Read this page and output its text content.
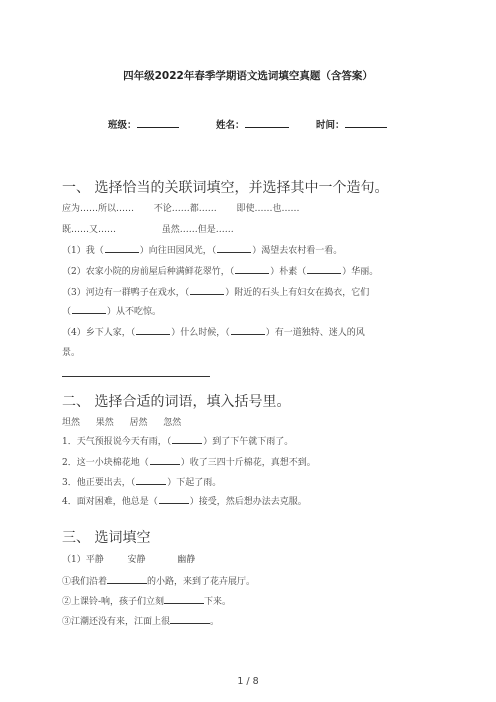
四年级2022年春季学期语文选词填空真题（含答案）
班级：	姓名：	时间：
一、 选择恰当的关联词填空，并选择其中一个造句。
应为……所以…… 不论……都…… 即使……也……
既……又……	虽然……但是……
（1）我（	）向往田园风光，（	）渴望去农村看一看。
（2）农家小院的房前屋后种满鲜花翠竹，（	）朴素（	）华丽。
（3）河边有一群鸭子在戏水，（	）附近的石头上有妇女在捣衣，它们
（	）从不吃惊。
（4）乡下人家，（	）什么时候，（	）有一道独特、迷人的风
景。
二、 选择合适的词语，填入括号里。
坦然 果然 居然 忽然
1．天气预报说今天有雨，（	）到了下午就下雨了。
2．这一小块棉花地（	）收了三四十斤棉花，真想不到。
3．他正要出去，（	）下起了雨。
4．面对困难，他总是（	）接受，然后想办法去克服。
三、 选词填空
（1）平静	安静	幽静
①我们沿着	的小路，来到了花卉展厅。
②上课铃-响，孩子们立刻	下来。
③江潮还没有来，江面上很	。
1 / 8
